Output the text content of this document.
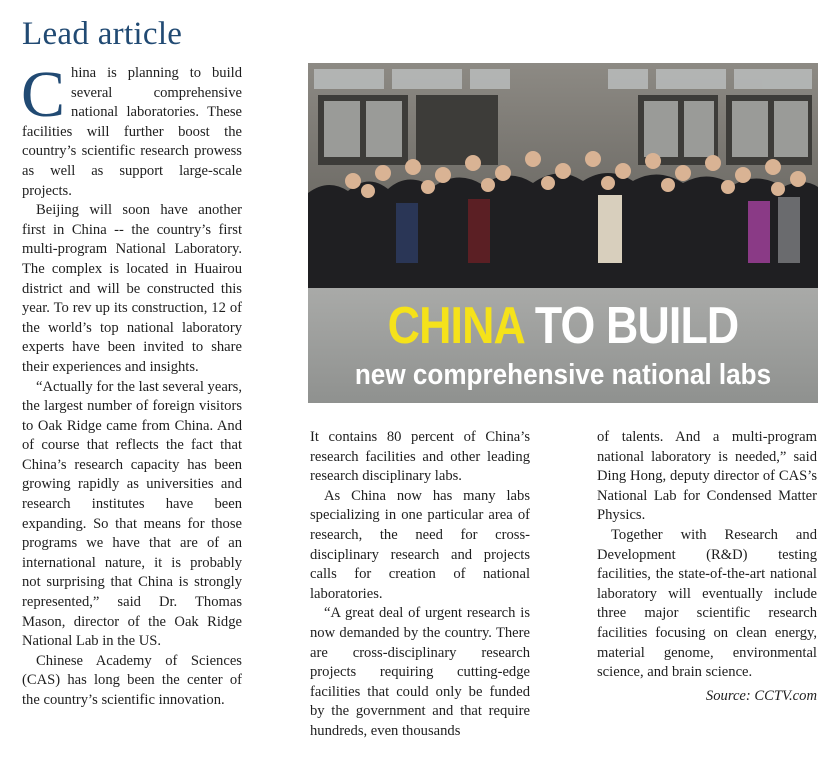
Lead article

China is planning to build several comprehensive national laboratories. These facilities will further boost the country’s scientific research prowess as well as support large-scale projects.

Beijing will soon have another first in China -- the country’s first multi-program National Laboratory. The complex is located in Huairou district and will be constructed this year. To rev up its construction, 12 of the world’s top national laboratory experts have been invited to share their experiences and insights.

“Actually for the last several years, the largest number of foreign visitors to Oak Ridge came from China. And of course that reflects the fact that China’s research capacity has been growing rapidly as universities and research institutes have been expanding. So that means for those programs we have that are of an international nature, it is probably not surprising that China is strongly represented,” said Dr. Thomas Mason, director of the Oak Ridge National Lab in the US.

Chinese Academy of Sciences (CAS) has long been the center of the country’s scientific innovation.

CHINA TO BUILD
new comprehensive national labs

It contains 80 percent of China’s research facilities and other leading research disciplinary labs.

As China now has many labs specializing in one particular area of research, the need for cross-disciplinary research and projects calls for creation of national laboratories.

“A great deal of urgent research is now demanded by the country. There are cross-disciplinary research projects requiring cutting-edge facilities that could only be funded by the government and that require hundreds, even thousands

of talents. And a multi-program national laboratory is needed,” said Ding Hong, deputy director of CAS’s National Lab for Condensed Matter Physics.

Together with Research and Development (R&D) testing facilities, the state-of-the-art national laboratory will eventually include three major scientific research facilities focusing on clean energy, material genome, environmental science, and brain science.

Source: CCTV.com
